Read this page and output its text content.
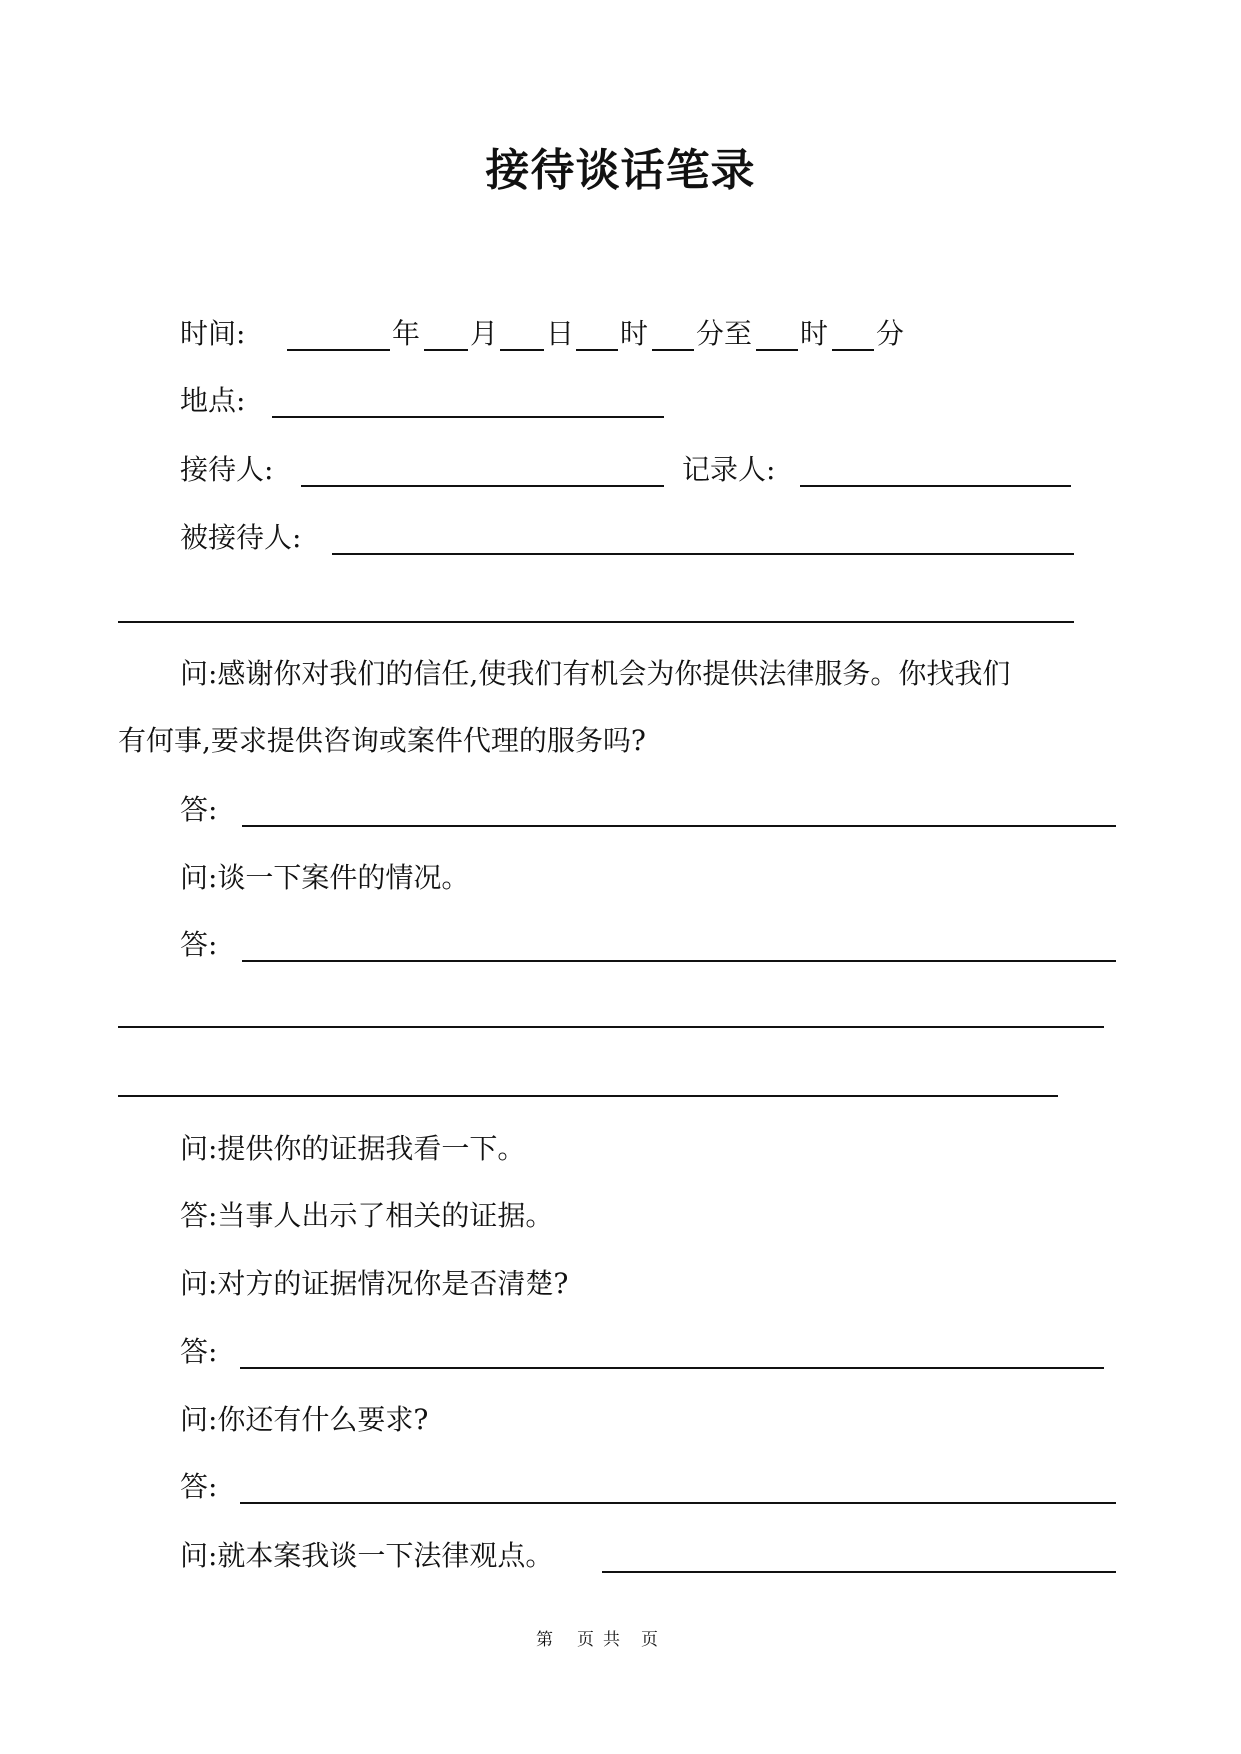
接待谈话笔录
时间:	年 月 日 时 分至 时 分
地点:
接待人:	记录人:
被接待人:
问:感谢你对我们的信任,使我们有机会为你提供法律服务。你找我们
有何事,要求提供咨询或案件代理的服务吗?
答:
问:谈一下案件的情况。
答:
问:提供你的证据我看一下。
答:当事人出示了相关的证据。
问:对方的证据情况你是否清楚?
答:
问:你还有什么要求?
答:
问:就本案我谈一下法律观点。
第 页 共 页
